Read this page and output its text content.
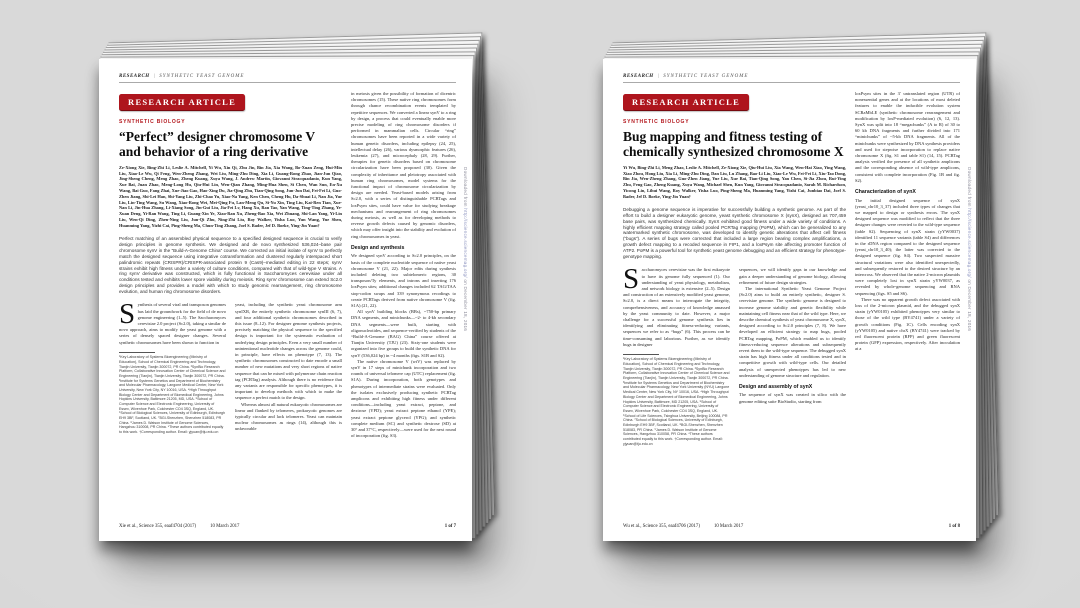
RESEARCH | SYNTHETIC YEAST GENOME
RESEARCH ARTICLE
SYNTHETIC BIOLOGY
“Perfect” designer chromosome V
and behavior of a ring derivative
Ze-Xiong Xie, Bing-Zhi Li, Leslie A. Mitchell, Yi Wu, Xin Qi, Zhu Jin, Bin Jia, Xia Wang, Bo-Xuan Zeng, Hui-Min Liu, Xiao-Le Wu, Qi Feng, Wen-Zheng Zhang, Wei Liu, Ming-Zhu Ding, Xia Li, Guang-Rong Zhao, Jian-Jun Qiao, Jing-Sheng Cheng, Meng Zhao, Zheng Kuang, Xuya Wang, J. Andrew Martin, Giovanni Stracquadanio, Kun Yang, Xue Bai, Juan Zhao, Meng-Long Hu, Qiu-Hui Lin, Wen-Qian Zhang, Ming-Hua Shen, Si Chen, Wan Sun, En-Xu Wang, Bai Guo, Fang Zhai, Xue-Jiao Gao, Hao-Xing Du, Jia-Qing Zhu, Tian-Qing Song, Jun-Jun Dai, Fei-Fei Li, Guo-Zhen Jiang, Shi-Lei Han, Shi-Yang Liu, Zhi-Chao Yu, Xiao-Na Yang, Ken Chen, Cheng Hu, Da-Shuai Li, Nan Jia, Yue Liu, Lin-Ting Wang, Su Wang, Xiao-Rong Wei, Mei-Qing Fu, Lan-Meng Qu, Si-Yu Xin, Ting Liu, Kai-Ren Tian, Xue-Nan Li, Jin-Hua Zhang, Li-Xiang Song, Jin-Gui Liu, Jia-Fei Lv, Hang Xu, Ran Tao, Yan Wang, Ting-Ting Zhang, Ye-Xuan Deng, Yi-Ran Wang, Ting Li, Guang-Xin Ye, Xiao-Ran Xu, Zheng-Bao Xia, Wei Zhuang, Shi-Lan Yang, Yi-Lin Liu, Wen-Qi Ding, Zhen-Ning Liu, Jun-Qi Zhu, Ning-Zhi Liu, Roy Walker, Yisha Luo, Yun Wang, Yue Shen, Huanming Yang, Yizhi Cai, Ping-Sheng Ma, Chun-Ting Zhang, Joel S. Bader, Jef D. Boeke, Ying-Jin Yuan†
Perfect matching of an assembled physical sequence to a specified designed sequence is crucial to verify design principles in genome synthesis. We designed and de novo synthesized 536,024–base pair chromosome synV in the “Build-A-Genome China” course. We corrected an initial isolate of synV to perfectly match the designed sequence using integrative cotransformation and clustered regularly interspaced short palindromic repeats (CRISPR)/CRISPR-associated protein 9 (Cas9)–mediated editing in 22 steps; synV strains exhibit high fitness under a variety of culture conditions, compared with that of wild-type V strains. A ring synV derivative was constructed, which is fully functional in Saccharomyces cerevisiae under all conditions tested and exhibits lower spore viability during meiosis. Ring synV chromosome can extend Sc2.0 design principles and provides a model with which to study genomic rearrangement, ring chromosome evolution, and human ring chromosome disorders.

Synthesis of several viral and transposon genomes has laid the groundwork for the field of de novo genome engineering (1–5). The Saccharomyces cerevisiae 2.0 project (Sc2.0), taking a similar de novo approach, aims to modify the yeast genome with a series of densely spaced designer changes. Several synthetic chromosomes have been shown to function in

¹Key Laboratory of Systems Bioengineering (Ministry of Education), School of Chemical Engineering and Technology, Tianjin University, Tianjin 300072, PR China. ²SynBio Research Platform, Collaborative Innovation Center of Chemical Science and Engineering (Tianjin), Tianjin University, Tianjin 300072, PR China. ³Institute for Systems Genetics and Department of Biochemistry and Molecular Pharmacology, Langone Medical Center, New York University, New York City, NY 10016, USA. ⁴High Throughput Biology Center and Department of Biomedical Engineering, Johns Hopkins University, Baltimore 21205, MD, USA. ⁵School of Computer Science and Electronic Engineering, University of Essex, Wivenhoe Park, Colchester CO4 3SQ, England, UK. ⁶School of Biological Sciences, University of Edinburgh, Edinburgh EH9 3BF, Scotland, UK. ⁷BGI-Shenzhen, Shenzhen 518083, PR China. ⁸James D. Watson Institute of Genome Sciences, Hangzhou 310008, PR China. *These authors contributed equally to this work. †Corresponding author. Email: yjyuan@tju.edu.cn

yeast, including the synthetic yeast chromosome arm synIXR, the entirely synthetic chromosome synIII (6, 7), and four additional synthetic chromosomes described in this issue (8–12). For designer genome synthesis projects, precisely matching the physical sequence to the specified design is important for the systematic evaluation of underlying design principles. Even a very small number of unintentional nucleotide changes across the genome could, in principle, have effects on phenotype (7, 13). The synthetic chromosomes constructed to date encode a small number of new mutations and very short regions of native sequence that can be mixed with polymerase chain reaction tag (PCRTag) analysis. Although there is no evidence that any variants are responsible for specific phenotypes, it is important to develop methods with which to make the sequence a perfect match to the design.

Whereas almost all natural eukaryotic chromosomes are linear and flanked by telomeres, prokaryotic genomes are typically circular and lack telomeres. Yeast can maintain nuclear chromosomes as rings (14), although this is unfavorable

in meiosis given the possibility of formation of dicentric chromosomes (15). These native ring chromosomes form through chance recombination events templated by repetitive sequences. We converted a linear synV to a ring by design, a process that could eventually enable more precise modeling of ring chromosome disorders if performed in mammalian cells. Circular “ring” chromosomes have been reported in a wide variety of human genetic disorders, including epilepsy (24, 25), intellectual delay (26), various dysmorphic features (26), leukemia (27), and microcephaly (28, 29). Further, therapies for genetic disorders based on chromosome circularization have been proposed (30). Given the complexity of inheritance and pleiotropy associated with human ring chromosomes, model systems for the functional impact of chromosome circularization by design are needed. Yeast-based models arising from Sc2.0, with a series of distinguishable PCRTags and loxPsym sites, could have value for studying breakage mechanisms and rearrangement of ring chromosomes during meiosis, as well as for developing methods to reverse growth defects caused by genomic disorders, which may offer insight into the stability and evolution of ring chromosomes in yeast.

Design and synthesis

We designed synV according to Sc2.0 principles, on the basis of the complete nucleotide sequence of native yeast chromosome V (21, 22). Major edits during synthesis included deleting two subtelomeric regions, 30 transposon/Ty elements, and introns and inserting 176 loxPsym sites; additional changes included 62 TAG/TAA stop-codon swaps and 339 synonymous recodings to create PCRTags derived from native chromosome V (fig. S1A) (21, 22).

All synV building blocks (BBs), ~750-bp primary DNA segments, and minichunks—~2- to 4-kb secondary DNA segments—were built, starting with oligonucleotides, and sequence-verified by students of the “Build-A-Genome (BAG) China” course offered at Tianjin University (TJU) (23). Sixty-one students were organized into five groups to build the synthetic DNA for synV (536,024 bp) in ~4 months (figs. S1B and S2).

The native chromosome V (wtV) was replaced by synV in 17 steps of minichunk incorporation and two rounds of universal telomere cap (UTC) replacement (fig. S1A). During incorporation, both genotypes and phenotypes of intermediate strains were evaluated. Only the isolates exclusively producing synthetic PCRTag amplicons and exhibiting high fitness under different conditions—including yeast extract, peptone, and dextrose (YPD); yeast extract peptone ethanol (YPE); yeast extract peptone glycerol (YPG); and synthetic complete medium (SC) and synthetic dextrose (SD) at 30° and 37°C, respectively—were used for the next round of incorporation (fig. S3).

Xie et al., Science 355, eaaf4704 (2017)	10 March 2017	1 of 7
Downloaded from http://science.sciencemag.org/ on December 18, 2016
RESEARCH | SYNTHETIC YEAST GENOME
RESEARCH ARTICLE
SYNTHETIC BIOLOGY
Bug mapping and fitness testing of
chemically synthesized chromosome X
Yi Wu, Bing-Zhi Li, Meng Zhao, Leslie A. Mitchell, Ze-Xiong Xie, Qiu-Hui Liu, Xia Wang, Wen-Hai Xiao, Ying Wang, Xiao Zhou, Hong Liu, Xia Li, Ming-Zhu Ding, Dan Liu, Lu Zhang, Bao-Li Liu, Xiao-Le Wu, Fei-Fei Li, Xiu-Tao Dong, Bin Jia, Wen-Zheng Zhang, Guo-Zhen Jiang, Yue Liu, Xue Bai, Tian-Qing Song, Yan Chen, Si-Jia Zhou, Rui-Ying Zhu, Feng Gao, Zheng Kuang, Xuya Wang, Michael Shen, Kun Yang, Giovanni Stracquadanio, Sarah M. Richardson, Yicong Lin, Lihui Wang, Roy Walker, Yisha Luo, Ping-Sheng Ma, Huanming Yang, Yizhi Cai, Junbiao Dai, Joel S. Bader, Jef D. Boeke, Ying-Jin Yuan†
Debugging a genome sequence is imperative for successfully building a synthetic genome. As part of the effort to build a designer eukaryotic genome, yeast synthetic chromosome X (synX), designed as 707,459 base pairs, was synthesized chemically. SynX exhibited good fitness under a wide variety of conditions. A highly efficient mapping strategy called pooled PCRTag mapping (PoPM), which can be generalized to any watermarked synthetic chromosome, was developed to identify genetic alterations that affect cell fitness (“bugs”). A series of bugs were corrected that included a large region bearing complex amplifications, a growth defect mapping to a recoded sequence in FIP1, and a loxPsym site affecting promoter function of ATP2. PoPM is a powerful tool for synthetic yeast genome debugging and an efficient strategy for phenotype-genotype mapping.

Saccharomyces cerevisiae was the first eukaryote to have its genome fully sequenced (1). Our understanding of yeast physiology, metabolism, and network biology is extensive (2–5). Design and construction of an extensively modified yeast genome, Sc2.0, is a direct means to interrogate the integrity, comprehensiveness, and accuracy of knowledge amassed by the yeast community to date. However, a major challenge for a successful genome synthesis lies in identifying and eliminating fitness-reducing variants, sequences we refer to as “bugs” (6). This process can be time-consuming and laborious. Further, as we identify bugs in designer

¹Key Laboratory of Systems Bioengineering (Ministry of Education), School of Chemical Engineering and Technology, Tianjin University, Tianjin 300072, PR China. ²SynBio Research Platform, Collaborative Innovation Center of Chemical Science and Engineering (Tianjin), Tianjin University, Tianjin 300072, PR China. ³Institute for Systems Genetics and Department of Biochemistry and Molecular Pharmacology, New York University (NYU) Langone Medical Center, New York City, NY 10016, USA. ⁴High Throughput Biology Center and Department of Biomedical Engineering, Johns Hopkins University, Baltimore, MD 21205, USA. ⁵School of Computer Science and Electronic Engineering, University of Essex, Wivenhoe Park, Colchester CO4 3SQ, England, UK. ⁶School of Life Sciences, Tsinghua University, Beijing 100084, PR China. ⁷School of Biological Sciences, University of Edinburgh, Edinburgh EH9 3BF, Scotland, UK. ⁸BGI-Shenzhen, Shenzhen 518083, PR China. ⁹James D. Watson Institute of Genome Sciences, Hangzhou 310058, PR China. *These authors contributed equally to this work. †Corresponding author. Email: yjyuan@tju.edu.cn

sequences, we will identify gaps in our knowledge and gain a deeper understanding of genome biology, allowing refinement of future design strategies.

The international Synthetic Yeast Genome Project (Sc2.0) aims to build an entirely synthetic, designer S. cerevisiae genome. The synthetic genome is designed to increase genome stability and genetic flexibility while maintaining cell fitness near that of the wild type. Here, we describe chemical synthesis of yeast chromosome X, synX, designed according to Sc2.0 principles (7, 8). We have developed an efficient strategy to map bugs, pooled PCRTag mapping, PoPM, which enabled us to identify fitness-reducing sequence alterations and subsequently revert them to the wild-type sequence. The debugged synX strain has high fitness under all conditions tested and in competitive growth with wild-type cells. Our detailed analysis of unexpected phenotypes has led to new understanding of genome structure and regulation.

Design and assembly of synX

The sequence of synX was created in silico with the genome editing suite BioStudio, starting from

loxPsym sites in the 3′ untranslated region (UTR) of nonessential genes and at the locations of most deleted features to enable the inducible evolution system SCRaMbLE (synthetic chromosome rearrangement and modification by loxP-mediated evolution) (6, 12, 13). SynX was split into 18 “megachunks” (A to R) of 30 to 60 kb DNA fragments and further divided into 171 “minichunks” of ~5-kb DNA fragments. All of the minichunks were synthesized by DNA synthesis providers and used for stepwise incorporation to replace native chromosome X (fig. S1 and table S1) (14, 15). PCRTag analysis verified the presence of all synthetic amplicons and the corresponding absence of wild-type amplicons, consistent with complete incorporation (Fig. 1B and fig. S2).

Characterization of synX

The initial designed sequence of synX (yeast_chr10_3_37) included three types of changes that we mapped to design or synthesis errors. The synX designed sequence was modified to reflect that the three designer changes were reverted to the wild-type sequence (table S2). Sequencing of synX strain (yYW0037) identified 11 sequence variants (table S4) and differences in the rDNA region compared to the designed sequence (yeast_chr10_3_40); the latter was corrected to the designed sequence (fig. S4). Two suspected massive structural variations were also identified unexpectedly, and subsequently restored to the desired structure by an intercross. We observed that the native 2-micron plasmids were completely lost in synX strain yYW0037, as revealed by whole-genome sequencing and RNA sequencing (figs. S5 and S6).

There was no apparent growth defect associated with loss of the 2-micron plasmid, and the debugged synX strain (yYW0105) exhibited phenotypes very similar to those of the wild type (BY4741) under a variety of growth conditions (Fig. 1C). Cells encoding synX (yYW0105) and native chrX (BY4741) were tracked by red fluorescent protein (RFP) and green fluorescent protein (GFP) expression, respectively. After inoculation at a

Wu et al., Science 355, eaaf4706 (2017)	10 March 2017	1 of 8
Downloaded from http://science.sciencemag.org/ on December 18, 2016
